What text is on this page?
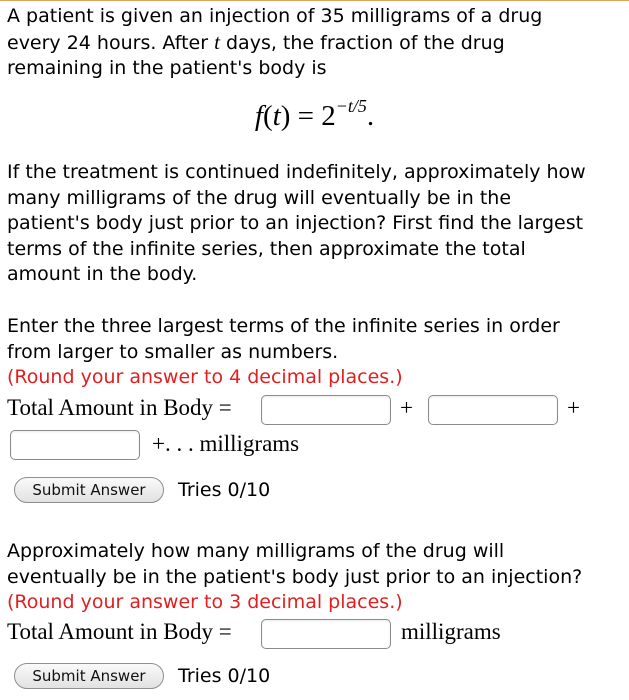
A patient is given an injection of 35 milligrams of a drug
every 24 hours. After t days, the fraction of the drug
remaining in the patient's body is
$f(t) = 2^{-t/5}$.
If the treatment is continued indefinitely, approximately how
many milligrams of the drug will eventually be in the
patient's body just prior to an injection? First find the largest
terms of the infinite series, then approximate the total
amount in the body.
Enter the three largest terms of the infinite series in order
from larger to smaller as numbers.
(Round your answer to 4 decimal places.)
Total Amount in Body =	+	+
+. . . milligrams
Submit Answer	Tries 0/10
Approximately how many milligrams of the drug will
eventually be in the patient's body just prior to an injection?
(Round your answer to 3 decimal places.)
Total Amount in Body =	milligrams
Submit Answer	Tries 0/10
